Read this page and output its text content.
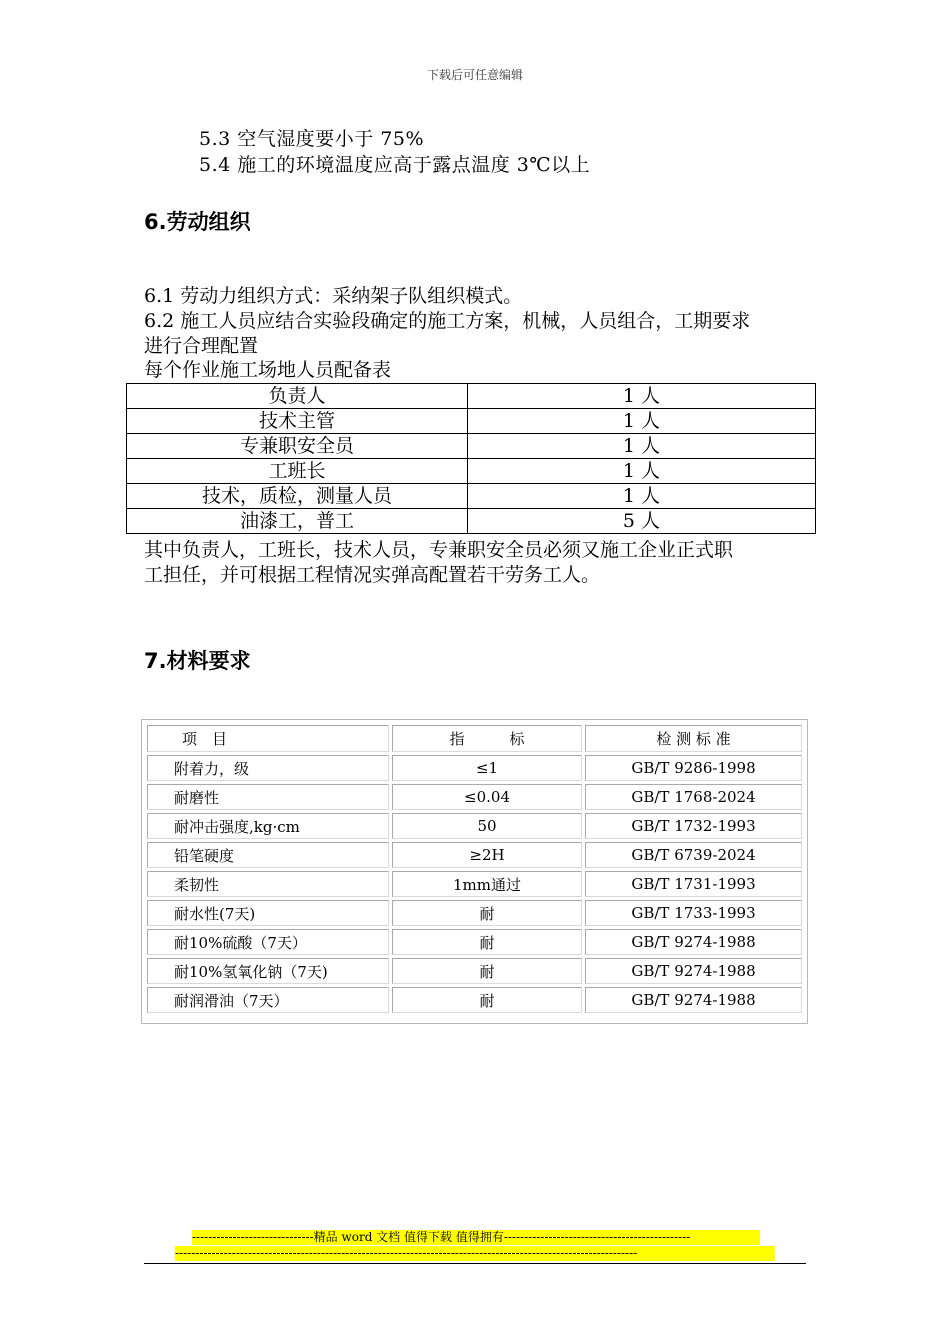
下载后可任意编辑
5.3 空气湿度要小于 75%
5.4 施工的环境温度应高于露点温度 3℃以上
6.劳动组织
6.1 劳动力组织方式：采纳架子队组织模式。
6.2 施工人员应结合实验段确定的施工方案，机械，人员组合，工期要求
进行合理配置
每个作业施工场地人员配备表
负责人	1 人
技术主管	1 人
专兼职安全员	1 人
工班长	1 人
技术，质检，测量人员	1 人
油漆工，普工	5 人
其中负责人，工班长，技术人员，专兼职安全员必须又施工企业正式职
工担任，并可根据工程情况实弹高配置若干劳务工人。
7.材料要求
项　目	指　　　标	检 测 标 准
附着力，级	≤1	GB/T 9286-1998
耐磨性	≤0.04	GB/T 1768-2024
耐冲击强度,kg·cm	50	GB/T 1732-1993
铅笔硬度	≥2H	GB/T 6739-2024
柔韧性	1mm通过	GB/T 1731-1993
耐水性(7天)	耐	GB/T 1733-1993
耐10%硫酸（7天）	耐	GB/T 9274-1988
耐10%氢氧化钠（7天)	耐	GB/T 9274-1988
耐润滑油（7天）	耐	GB/T 9274-1988
------------------------------精品 word 文档 值得下载 值得拥有----------------------------------------------
------------------------------------------------------------------------------------------------------------------
